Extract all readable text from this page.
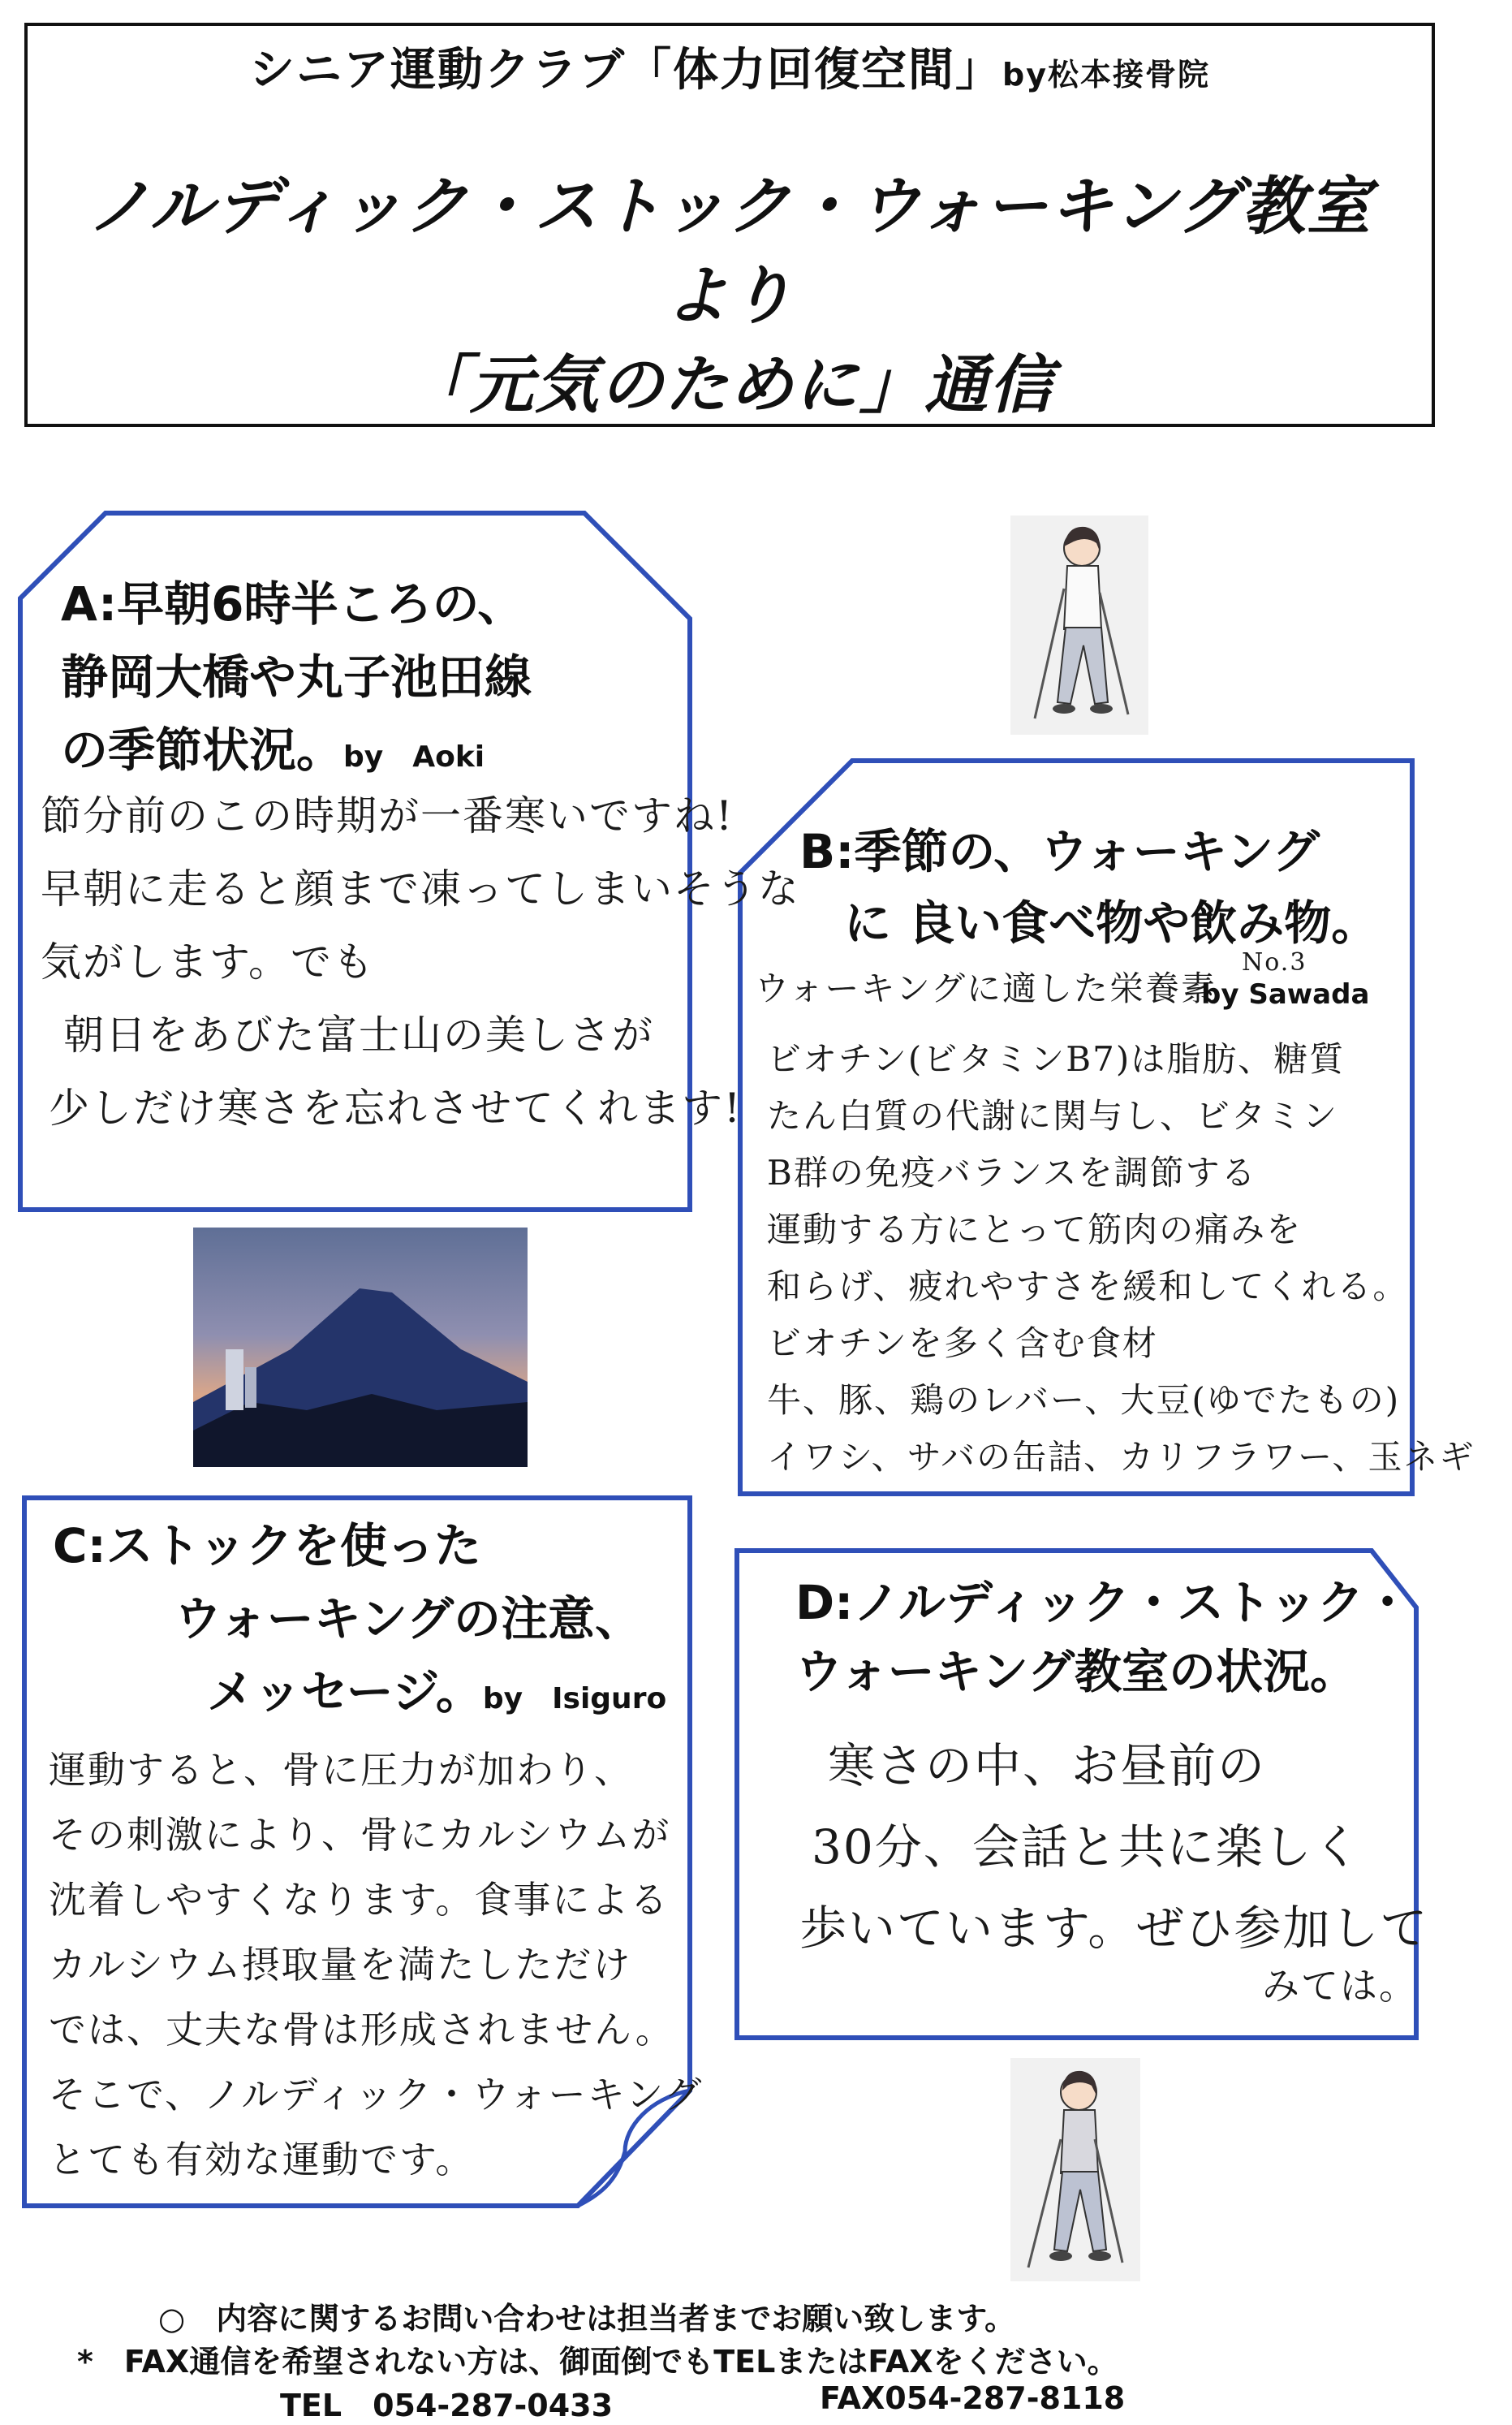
シニア運動クラブ「体力回復空間」by松本接骨院
ノルディック・ストック・ウォーキング教室
より
「元気のために」通信
A:早朝6時半ころの、
静岡大橋や丸子池田線
の季節状況。by　Aoki
節分前のこの時期が一番寒いですね!
早朝に走ると顔まで凍ってしまいそうな
気がします。でも
朝日をあびた富士山の美しさが
少しだけ寒さを忘れさせてくれます!
B:季節の、ウォーキング
に 良い食べ物や飲み物。
ウォーキングに適した栄養素
No.3
by Sawada
ビオチン(ビタミンB7)は脂肪、糖質
たん白質の代謝に関与し、ビタミン
B群の免疫バランスを調節する
運動する方にとって筋肉の痛みを
和らげ、疲れやすさを緩和してくれる。
ビオチンを多く含む食材
牛、豚、鶏のレバー、大豆(ゆでたもの)
イワシ、サバの缶詰、カリフラワー、玉ネギ
C:ストックを使った
ウォーキングの注意、
メッセージ。by　Isiguro
運動すると、骨に圧力が加わり、
その刺激により、骨にカルシウムが
沈着しやすくなります。食事による
カルシウム摂取量を満たしただけ
では、丈夫な骨は形成されません。
そこで、ノルディック・ウォーキング
とても有効な運動です。
D:ノルディック・ストック・
ウォーキング教室の状況。
寒さの中、お昼前の
30分、会話と共に楽しく
歩いています。ぜひ参加して
みては。
○　 内容に関するお問い合わせは担当者までお願い致します。
*　 FAX通信を希望されない方は、御面倒でもTELまたはFAXをください。
TEL　054-287-0433	FAX054-287-8118
